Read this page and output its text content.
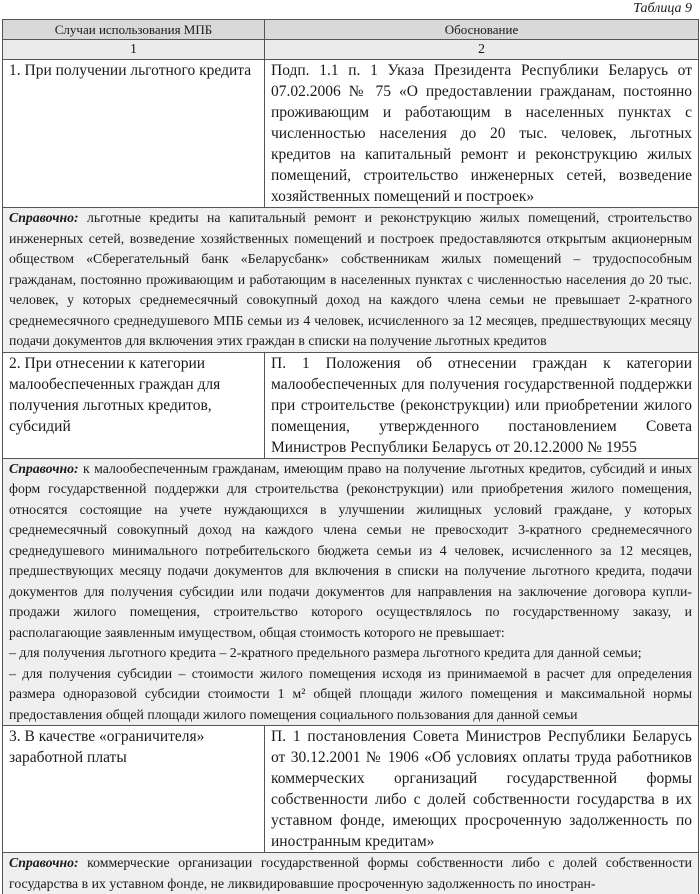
Таблица 9
Случаи использования МПБ	Обоснование
1	2
1. При получении льготного кредита	Подп. 1.1 п. 1 Указа Президента Республики Беларусь от 07.02.2006 № 75 «О предоставлении гражданам, постоянно проживающим и работающим в населенных пунктах с численностью населения до 20 тыс. человек, льготных кредитов на капитальный ремонт и реконструкцию жилых помещений, строительство инженерных сетей, возведение хозяйственных помещений и построек»
Справочно: льготные кредиты на капитальный ремонт и реконструкцию жилых помещений, строительство инженерных сетей, возведение хозяйственных помещений и построек предоставляются открытым акционерным обществом «Сберегательный банк «Беларусбанк» собственникам жилых помещений – трудоспособным гражданам, постоянно проживающим и работающим в населенных пунктах с численностью населения до 20 тыс. человек, у которых среднемесячный совокупный доход на каждого члена семьи не превышает 2-кратного среднемесячного среднедушевого МПБ семьи из 4 человек, исчисленного за 12 месяцев, предшествующих месяцу подачи документов для включения этих граждан в списки на получение льготных кредитов	
2. При отнесении к категории малообеспеченных граждан для получения льготных кредитов, субсидий	П. 1 Положения об отнесении граждан к категории малообеспеченных для получения государственной поддержки при строительстве (реконструкции) или приобретении жилого помещения, утвержденного постановлением Совета Министров Республики Беларусь от 20.12.2000 № 1955
Справочно: к малообеспеченным гражданам, имеющим право на получение льготных кредитов, субсидий и иных форм государственной поддержки для строительства (реконструкции) или приобретения жилого помещения, относятся состоящие на учете нуждающихся в улучшении жилищных условий граждане, у которых среднемесячный совокупный доход на каждого члена семьи не превосходит 3-кратного среднемесячного среднедушевого минимального потребительского бюджета семьи из 4 человек, исчисленного за 12 месяцев, предшествующих месяцу подачи документов для включения в списки на получение льготного кредита, подачи документов для получения субсидии или подачи документов для направления на заключение договора купли-продажи жилого помещения, строительство которого осуществлялось по государственному заказу, и располагающие заявленным имуществом, общая стоимость которого не превышает:
– для получения льготного кредита – 2-кратного предельного размера льготного кредита для данной семьи;
– для получения субсидии – стоимости жилого помещения исходя из принимаемой в расчет для определения размера одноразовой субсидии стоимости 1 м² общей площади жилого помещения и максимальной нормы предоставления общей площади жилого помещения социального пользования для данной семьи	

3. В качестве «ограничителя» заработной платы	П. 1 постановления Совета Министров Республики Беларусь от 30.12.2001 № 1906 «Об условиях оплаты труда работников коммерческих организаций государственной формы собственности либо с долей собственности государства в их уставном фонде, имеющих просроченную задолженность по иностранным кредитам»
Справочно: коммерческие организации государственной формы собственности либо с долей собственности государства в их уставном фонде, не ликвидировавшие просроченную задолженность по иностран-	
